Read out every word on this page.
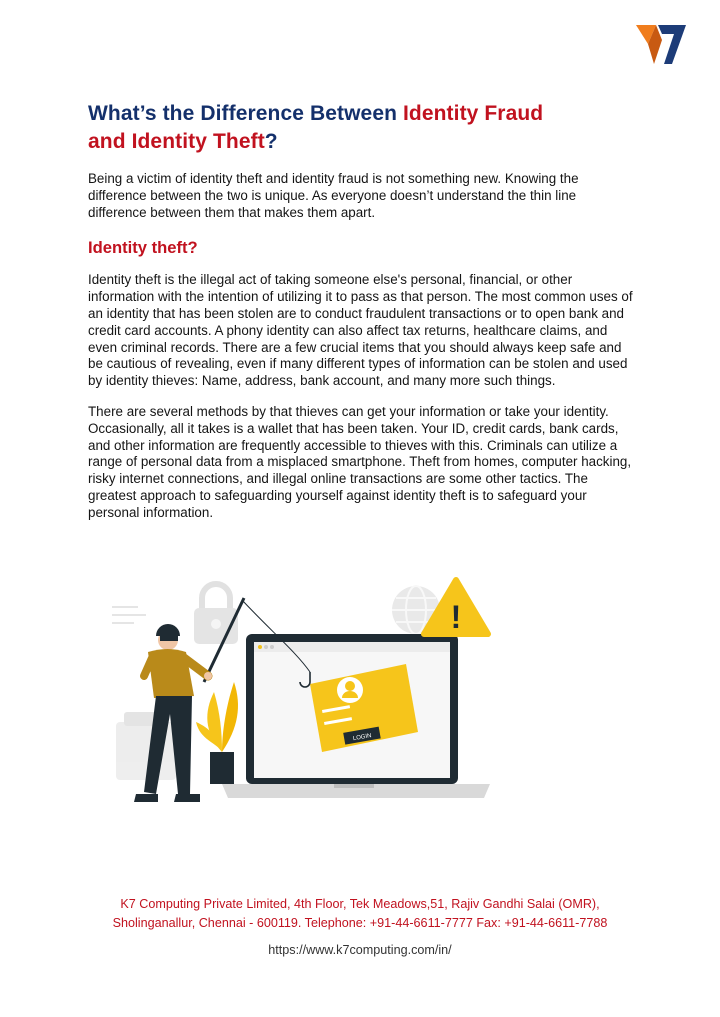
What’s the Difference Between Identity Fraud
and Identity Theft?

Being a victim of identity theft and identity fraud is not something new. Knowing the difference between the two is unique. As everyone doesn’t understand the thin line difference between them that makes them apart.

Identity theft?

Identity theft is the illegal act of taking someone else's personal, financial, or other information with the intention of utilizing it to pass as that person. The most common uses of an identity that has been stolen are to conduct fraudulent transactions or to open bank and credit card accounts. A phony identity can also affect tax returns, healthcare claims, and even criminal records. There are a few crucial items that you should always keep safe and be cautious of revealing, even if many different types of information can be stolen and used by identity thieves: Name, address, bank account, and many more such things.

There are several methods by that thieves can get your information or take your identity. Occasionally, all it takes is a wallet that has been taken. Your ID, credit cards, bank cards, and other information are frequently accessible to thieves with this. Criminals can utilize a range of personal data from a misplaced smartphone. Theft from homes, computer hacking, risky internet connections, and illegal online transactions are some other tactics. The greatest approach to safeguarding yourself against identity theft is to safeguard your personal information.

LOGIN
!
K7 Computing Private Limited, 4th Floor, Tek Meadows,51, Rajiv Gandhi Salai (OMR),
Sholinganallur, Chennai - 600119. Telephone: +91-44-6611-7777 Fax: +91-44-6611-7788
https://www.k7computing.com/in/
